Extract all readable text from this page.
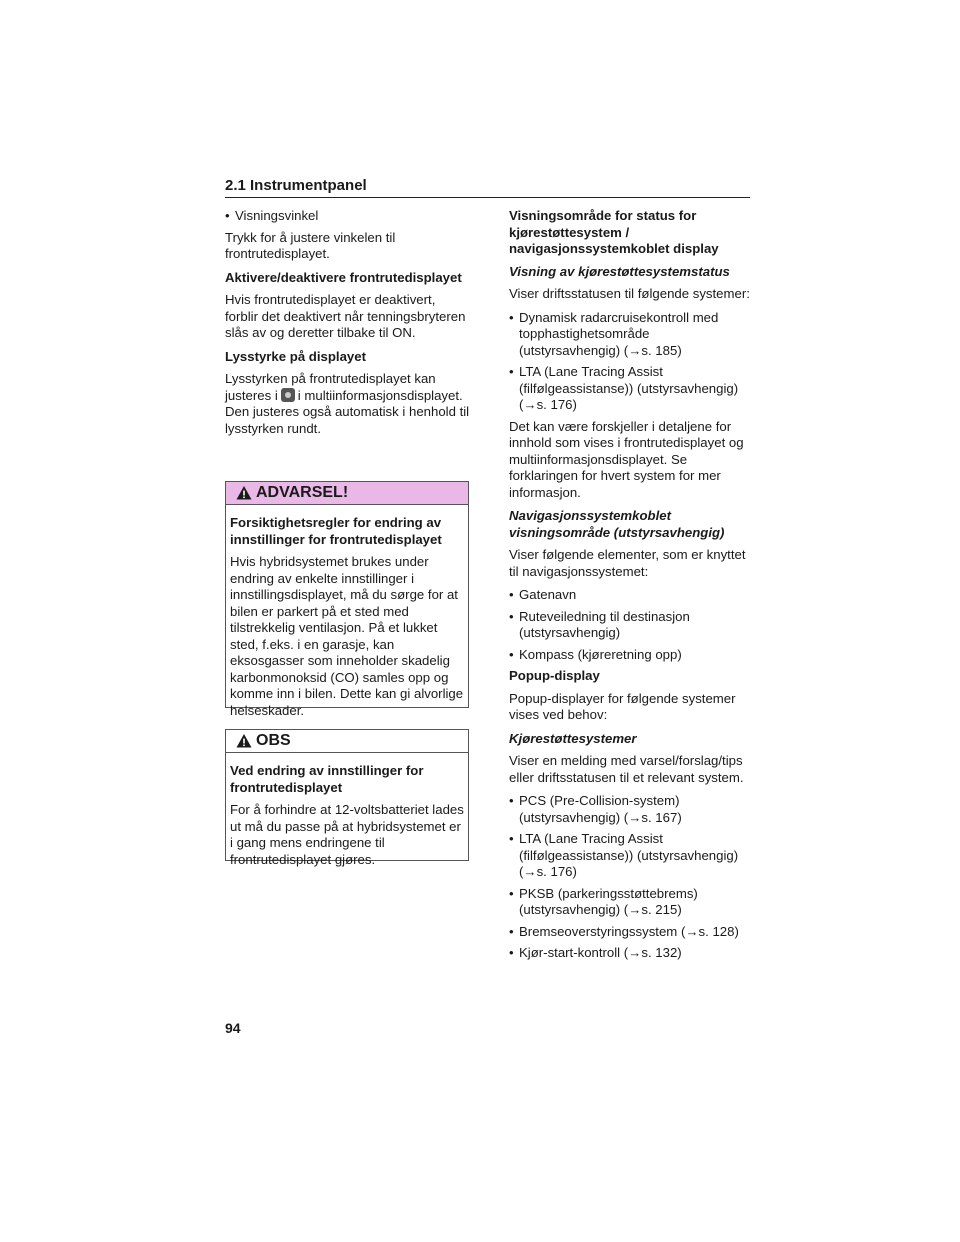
2.1 Instrumentpanel
• Visningsvinkel

Trykk for å justere vinkelen til frontrutedisplayet.

Aktivere/deaktivere frontrutedisplayet

Hvis frontrutedisplayet er deaktivert, forblir det deaktivert når tenningsbryteren slås av og deretter tilbake til ON.

Lysstyrke på displayet

Lysstyrken på frontrutedisplayet kan justeres i i multiinformasjonsdisplayet. Den justeres også automatisk i henhold til lysstyrken rundt.

ADVARSEL!

Forsiktighetsregler for endring av innstillinger for frontrutedisplayet

Hvis hybridsystemet brukes under endring av enkelte innstillinger i innstillingsdisplayet, må du sørge for at bilen er parkert på et sted med tilstrekkelig ventilasjon. På et lukket sted, f.eks. i en garasje, kan eksosgasser som inneholder skadelig karbonmonoksid (CO) samles opp og komme inn i bilen. Dette kan gi alvorlige helseskader.

OBS

Ved endring av innstillinger for frontrutedisplayet

For å forhindre at 12-voltsbatteriet lades ut må du passe på at hybridsystemet er i gang mens endringene til frontrutedisplayet gjøres.

Visningsområde for status for kjørestøttesystem / navigasjonssystemkoblet display

Visning av kjørestøttesystemstatus

Viser driftsstatusen til følgende systemer:

• Dynamisk radarcruisekontroll med
topphastighetsområde
(utstyrsavhengig) (→s. 185)
• LTA (Lane Tracing Assist
(filfølgeassistanse)) (utstyrsavhengig)
(→s. 176)

Det kan være forskjeller i detaljene for innhold som vises i frontrutedisplayet og multiinformasjonsdisplayet. Se forklaringen for hvert system for mer informasjon.

Navigasjonssystemkoblet visningsområde (utstyrsavhengig)

Viser følgende elementer, som er knyttet til navigasjonssystemet:

• Gatenavn
• Ruteveiledning til destinasjon
(utstyrsavhengig)
• Kompass (kjøreretning opp)

Popup-display

Popup-displayer for følgende systemer vises ved behov:

Kjørestøttesystemer

Viser en melding med varsel/forslag/tips eller driftsstatusen til et relevant system.

• PCS (Pre-Collision-system)
(utstyrsavhengig) (→s. 167)
• LTA (Lane Tracing Assist
(filfølgeassistanse)) (utstyrsavhengig)
(→s. 176)
• PKSB (parkeringsstøttebrems)
(utstyrsavhengig) (→s. 215)
• Bremseoverstyringssystem (→s. 128)
• Kjør-start-kontroll (→s. 132)
94
